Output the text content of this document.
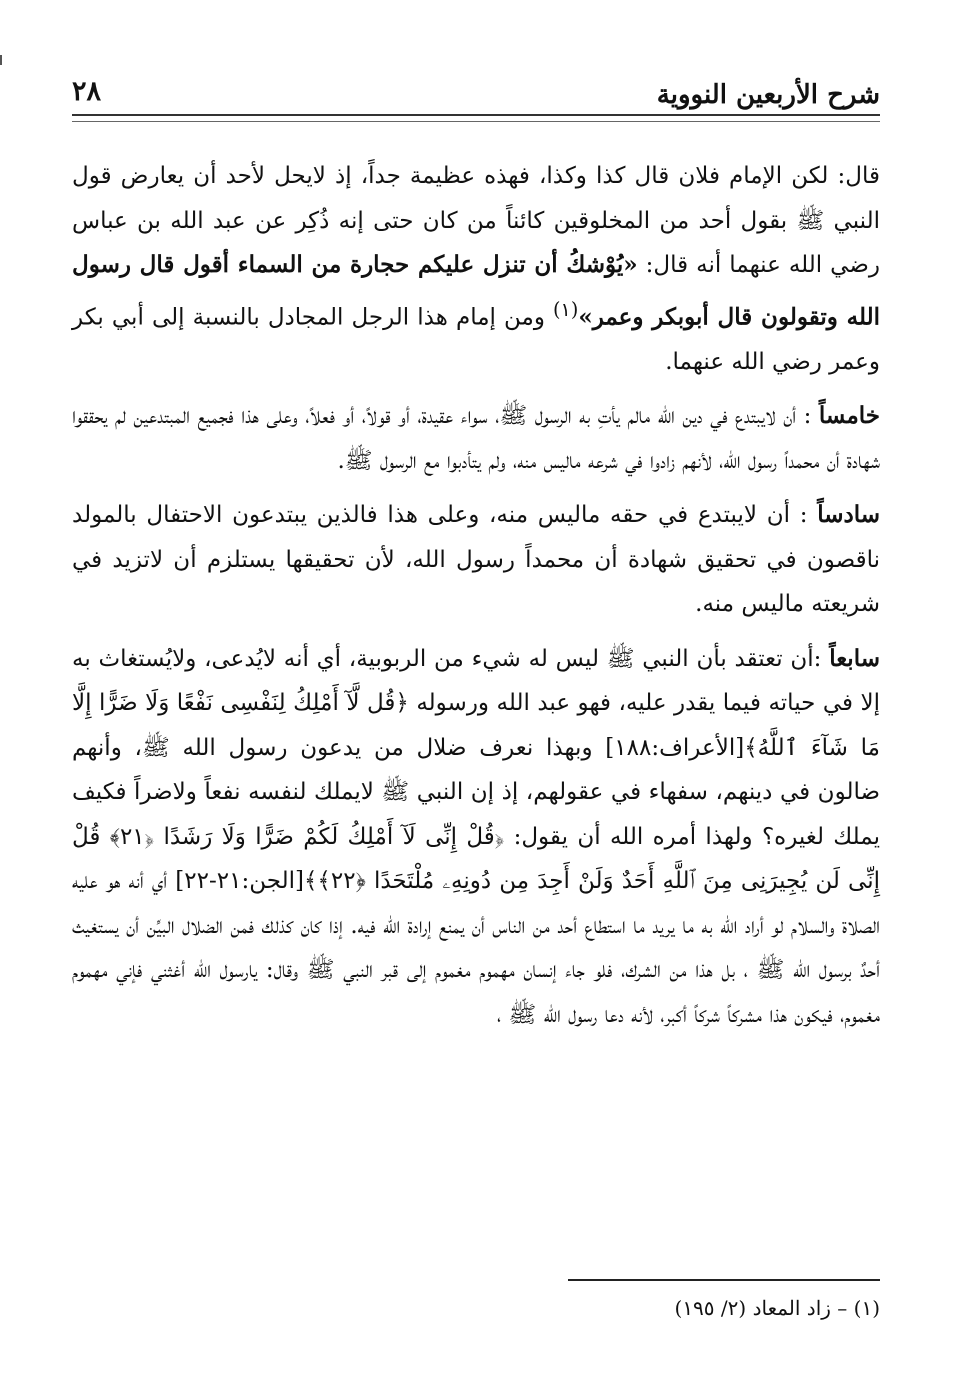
شرح الأربعين النووية
٢٨

قال: لكن الإمام فلان قال كذا وكذا، فهذه عظيمة جداً، إذ لايحل لأحد أن يعارض قول النبي ﷺ بقول أحد من المخلوقين كائناً من كان حتى إنه ذُكِر عن عبد الله بن عباس رضي الله عنهما أنه قال: «يُوْشكُ أن تنزل عليكم حجارة من السماء أقول قال رسول الله وتقولون قال أبوبكر وعمر»$^{(١)}$ ومن إمام هذا الرجل المجادل بالنسبة إلى أبي بكر وعمر رضي الله عنهما.

خامساً : أن لايبتدع في دين الله مالم يأتِ به الرسول ﷺ، سواء عقيدة، أو قولاً، أو فعلاً، وعلى هذا فجميع المبتدعين لم يحققوا شهادة أن محمداً رسول الله، لأنهم زادوا في شرعه ماليس منه، ولم يتأدبوا مع الرسول ﷺ.

سادساً : أن لايبتدع في حقه ماليس منه، وعلى هذا فالذين يبتدعون الاحتفال بالمولد ناقصون في تحقيق شهادة أن محمداً رسول الله، لأن تحقيقها يستلزم أن لاتزيد في شريعته ماليس منه.

سابعاً :أن تعتقد بأن النبي ﷺ ليس له شيء من الربوبية، أي أنه لايُدعى، ولايُستغاث به إلا في حياته فيما يقدر عليه، فهو عبد الله ورسوله ﴿قُل لَّآ أَمْلِكُ لِنَفْسِى نَفْعًا وَلَا ضَرًّا إِلَّا مَا شَآءَ ٱللَّهُ﴾[الأعراف:١٨٨] وبهذا نعرف ضلال من يدعون رسول الله ﷺ، وأنهم ضالون في دينهم، سفهاء في عقولهم، إذ إن النبي ﷺ لايملك لنفسه نفعاً ولاضراً فكيف يملك لغيره؟ ولهذا أمره الله أن يقول: ﴿قُلْ إِنِّى لَآ أَمْلِكُ لَكُمْ ضَرًّا وَلَا رَشَدًا ﴿٢١﴾ قُلْ إِنِّى لَن يُجِيرَنِى مِنَ ٱللَّهِ أَحَدٌ وَلَنْ أَجِدَ مِن دُونِهِۦ مُلْتَحَدًا ﴿٢٢﴾﴾[الجن:٢١-٢٢] أي أنه هو عليه الصلاة والسلام لو أراد الله به ما يريد ما استطاع أحد من الناس أن يمنع إرادة الله فيه. إذا كان كذلك فمن الضلال البيِّن أن يستغيث أحدٌ برسول الله ﷺ ، بل هذا من الشرك، فلو جاء إنسان مهموم مغموم إلى قبر النبي ﷺ وقال: يارسول الله أغثني فإني مهموم مغموم، فيكون هذا مشركاً شركاً أكبر، لأنه دعا رسول الله ﷺ ،

(١) – زاد المعاد (٢/ ١٩٥)
